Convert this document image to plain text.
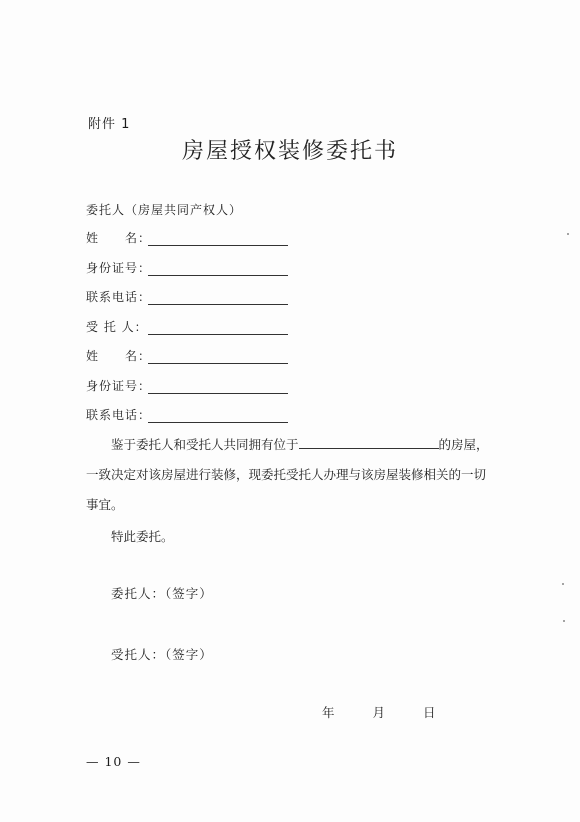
附件 1
房屋授权装修委托书
委托人（房屋共同产权人）
姓　　名：
身份证号：
联系电话：
受 托 人：
姓　　名：
身份证号：
联系电话：
鉴于委托人和受托人共同拥有位于	的房屋，
一致决定对该房屋进行装修，现委托受托人办理与该房屋装修相关的一切
事宜。
特此委托。
委托人：（签字）
受托人：（签字）
年	月	日
— 10 —
